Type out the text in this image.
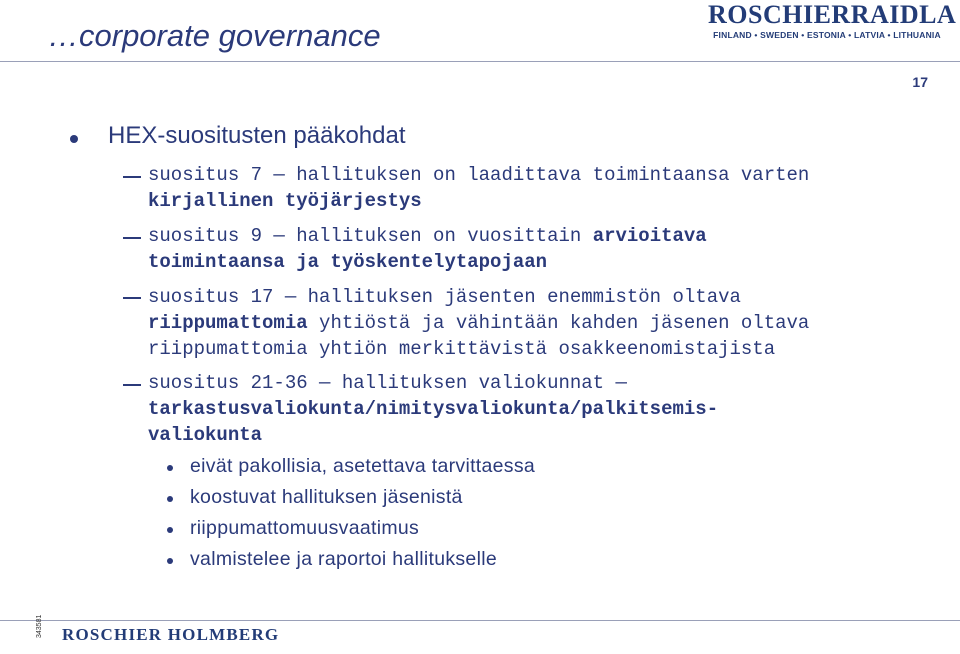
…corporate governance
ROSCHIERRAIDLA
FINLAND • SWEDEN • ESTONIA • LATVIA • LITHUANIA
17
HEX-suositusten pääkohdat
suositus 7 — hallituksen on laadittava toimintaansa varten
kirjallinen työjärjestys
suositus 9 — hallituksen on vuosittain arvioitava
toimintaansa ja työskentelytapojaan
suositus 17 — hallituksen jäsenten enemmistön oltava
riippumattomia yhtiöstä ja vähintään kahden jäsenen oltava
riippumattomia yhtiön merkittävistä osakkeenomistajista
suositus 21-36 — hallituksen valiokunnat —
tarkastusvaliokunta/nimitysvaliokunta/palkitsemis-
valiokunta
eivät pakollisia, asetettava tarvittaessa
koostuvat hallituksen jäsenistä
riippumattomuusvaatimus
valmistelee ja raportoi hallitukselle
343581 ROSCHIER HOLMBERG
